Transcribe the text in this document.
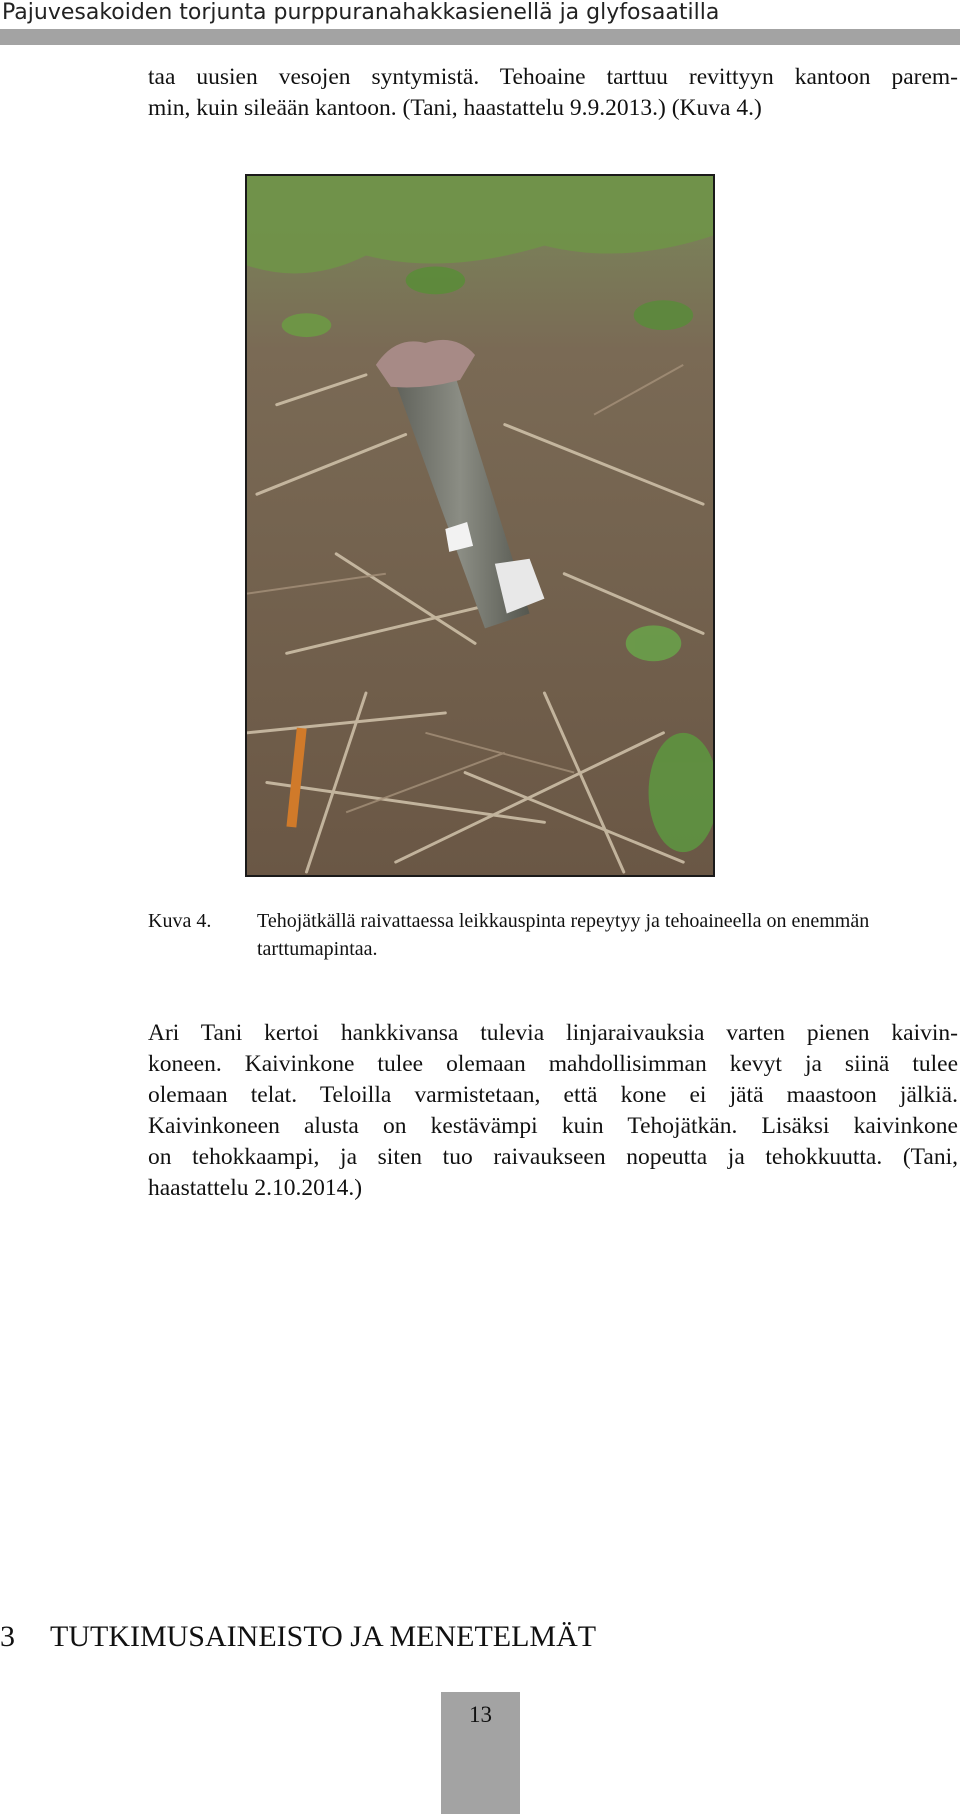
Pajuvesakoiden torjunta purppuranahakkasienellä ja glyfosaatilla
taa uusien vesojen syntymistä. Tehoaine tarttuu revittyyn kantoon parem-
min, kuin sileään kantoon. (Tani, haastattelu 9.9.2013.) (Kuva 4.)
Kuva 4. Tehojätkällä raivattaessa leikkauspinta repeytyy ja tehoaineella on enemmän
tarttumapintaa.
Ari Tani kertoi hankkivansa tulevia linjaraivauksia varten pienen kaivin-
koneen. Kaivinkone tulee olemaan mahdollisimman kevyt ja siinä tulee
olemaan telat. Teloilla varmistetaan, että kone ei jätä maastoon jälkiä.
Kaivinkoneen alusta on kestävämpi kuin Tehojätkän. Lisäksi kaivinkone
on tehokkaampi, ja siten tuo raivaukseen nopeutta ja tehokkuutta. (Tani,
haastattelu 2.10.2014.)
3 TUTKIMUSAINEISTO JA MENETELMÄT
13
